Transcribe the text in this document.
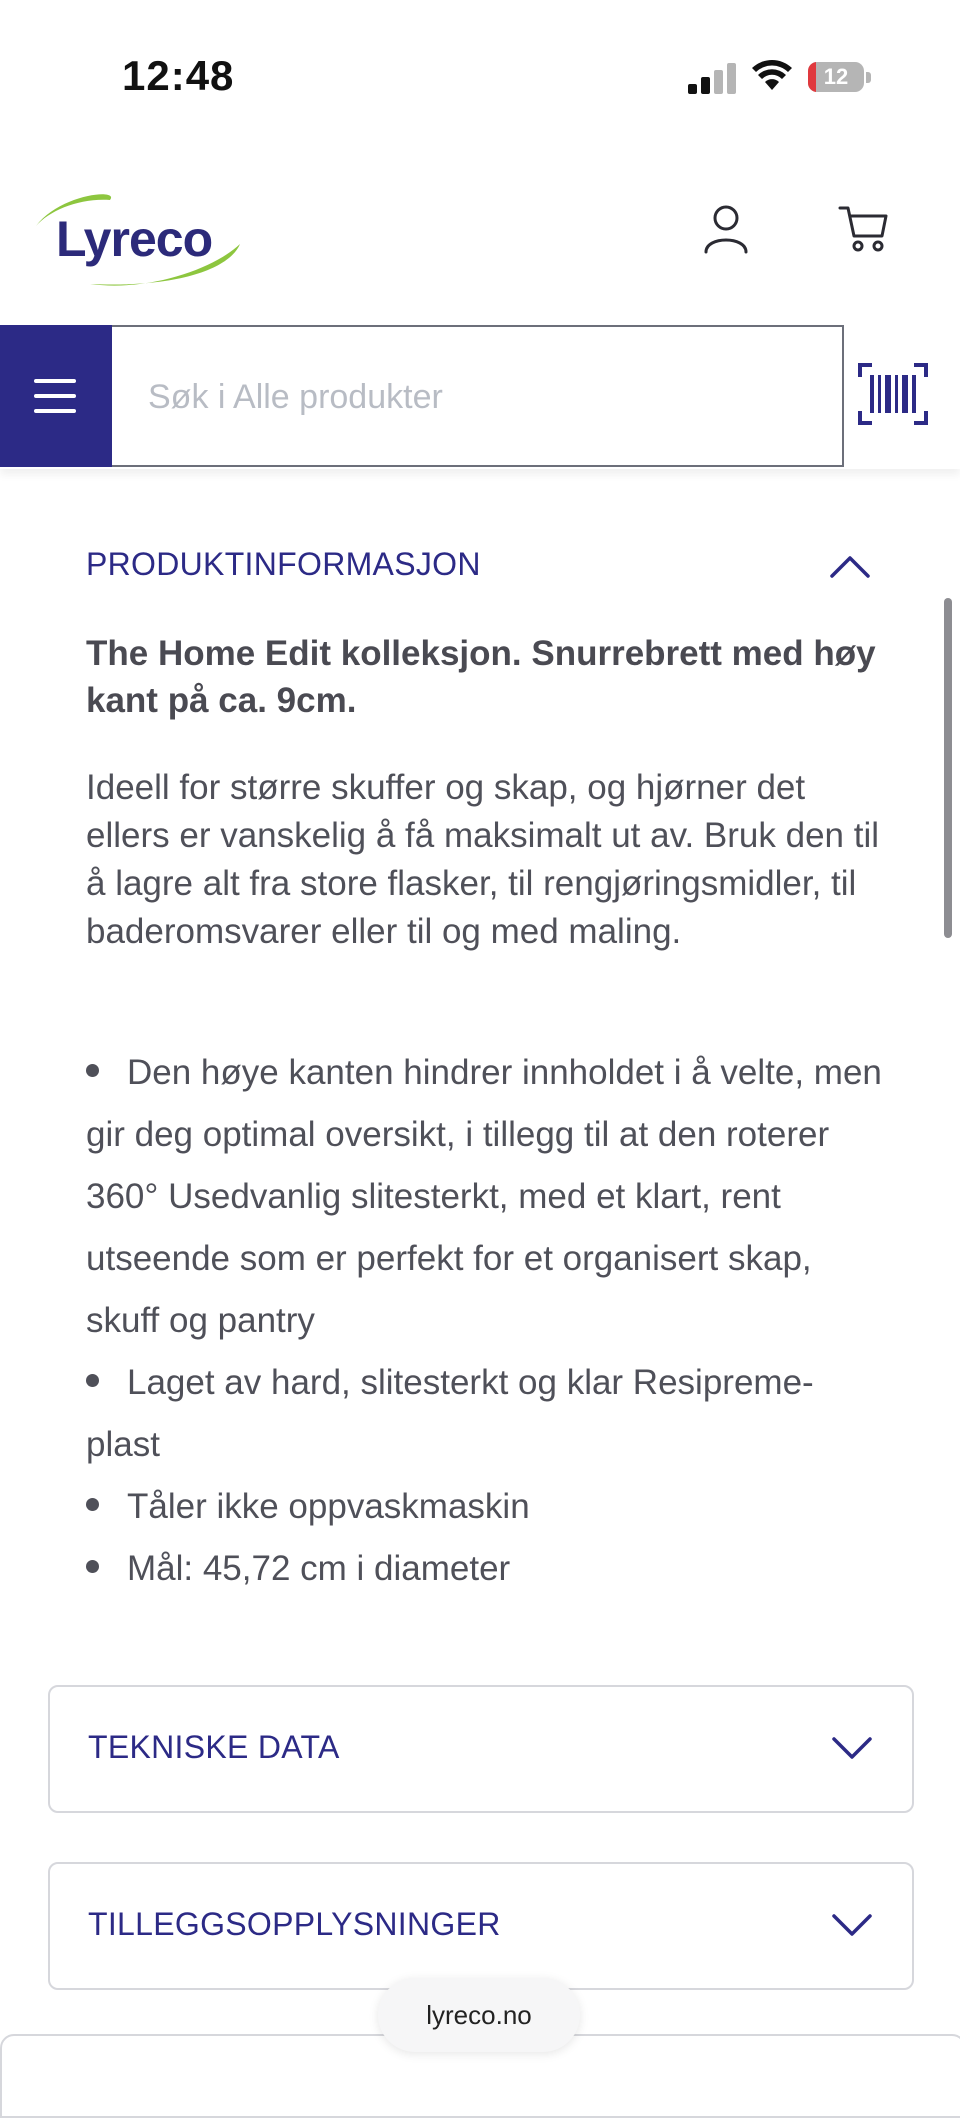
12:48	12
Lyreco
Søk i Alle produkter
PRODUKTINFORMASJON
The Home Edit kolleksjon. Snurrebrett med høy kant på ca. 9cm.
Ideell for større skuffer og skap, og hjørner det ellers er vanskelig å få maksimalt ut av. Bruk den til å lagre alt fra store flasker, til rengjøringsmidler, til baderomsvarer eller til og med maling.
Den høye kanten hindrer innholdet i å velte, men gir deg optimal oversikt, i tillegg til at den roterer 360° Usedvanlig slitesterkt, med et klart, rent utseende som er perfekt for et organisert skap, skuff og pantry
Laget av hard, slitesterkt og klar Resipreme-plast
Tåler ikke oppvaskmaskin
Mål: 45,72 cm i diameter
TEKNISKE DATA
TILLEGGSOPPLYSNINGER
lyreco.no
